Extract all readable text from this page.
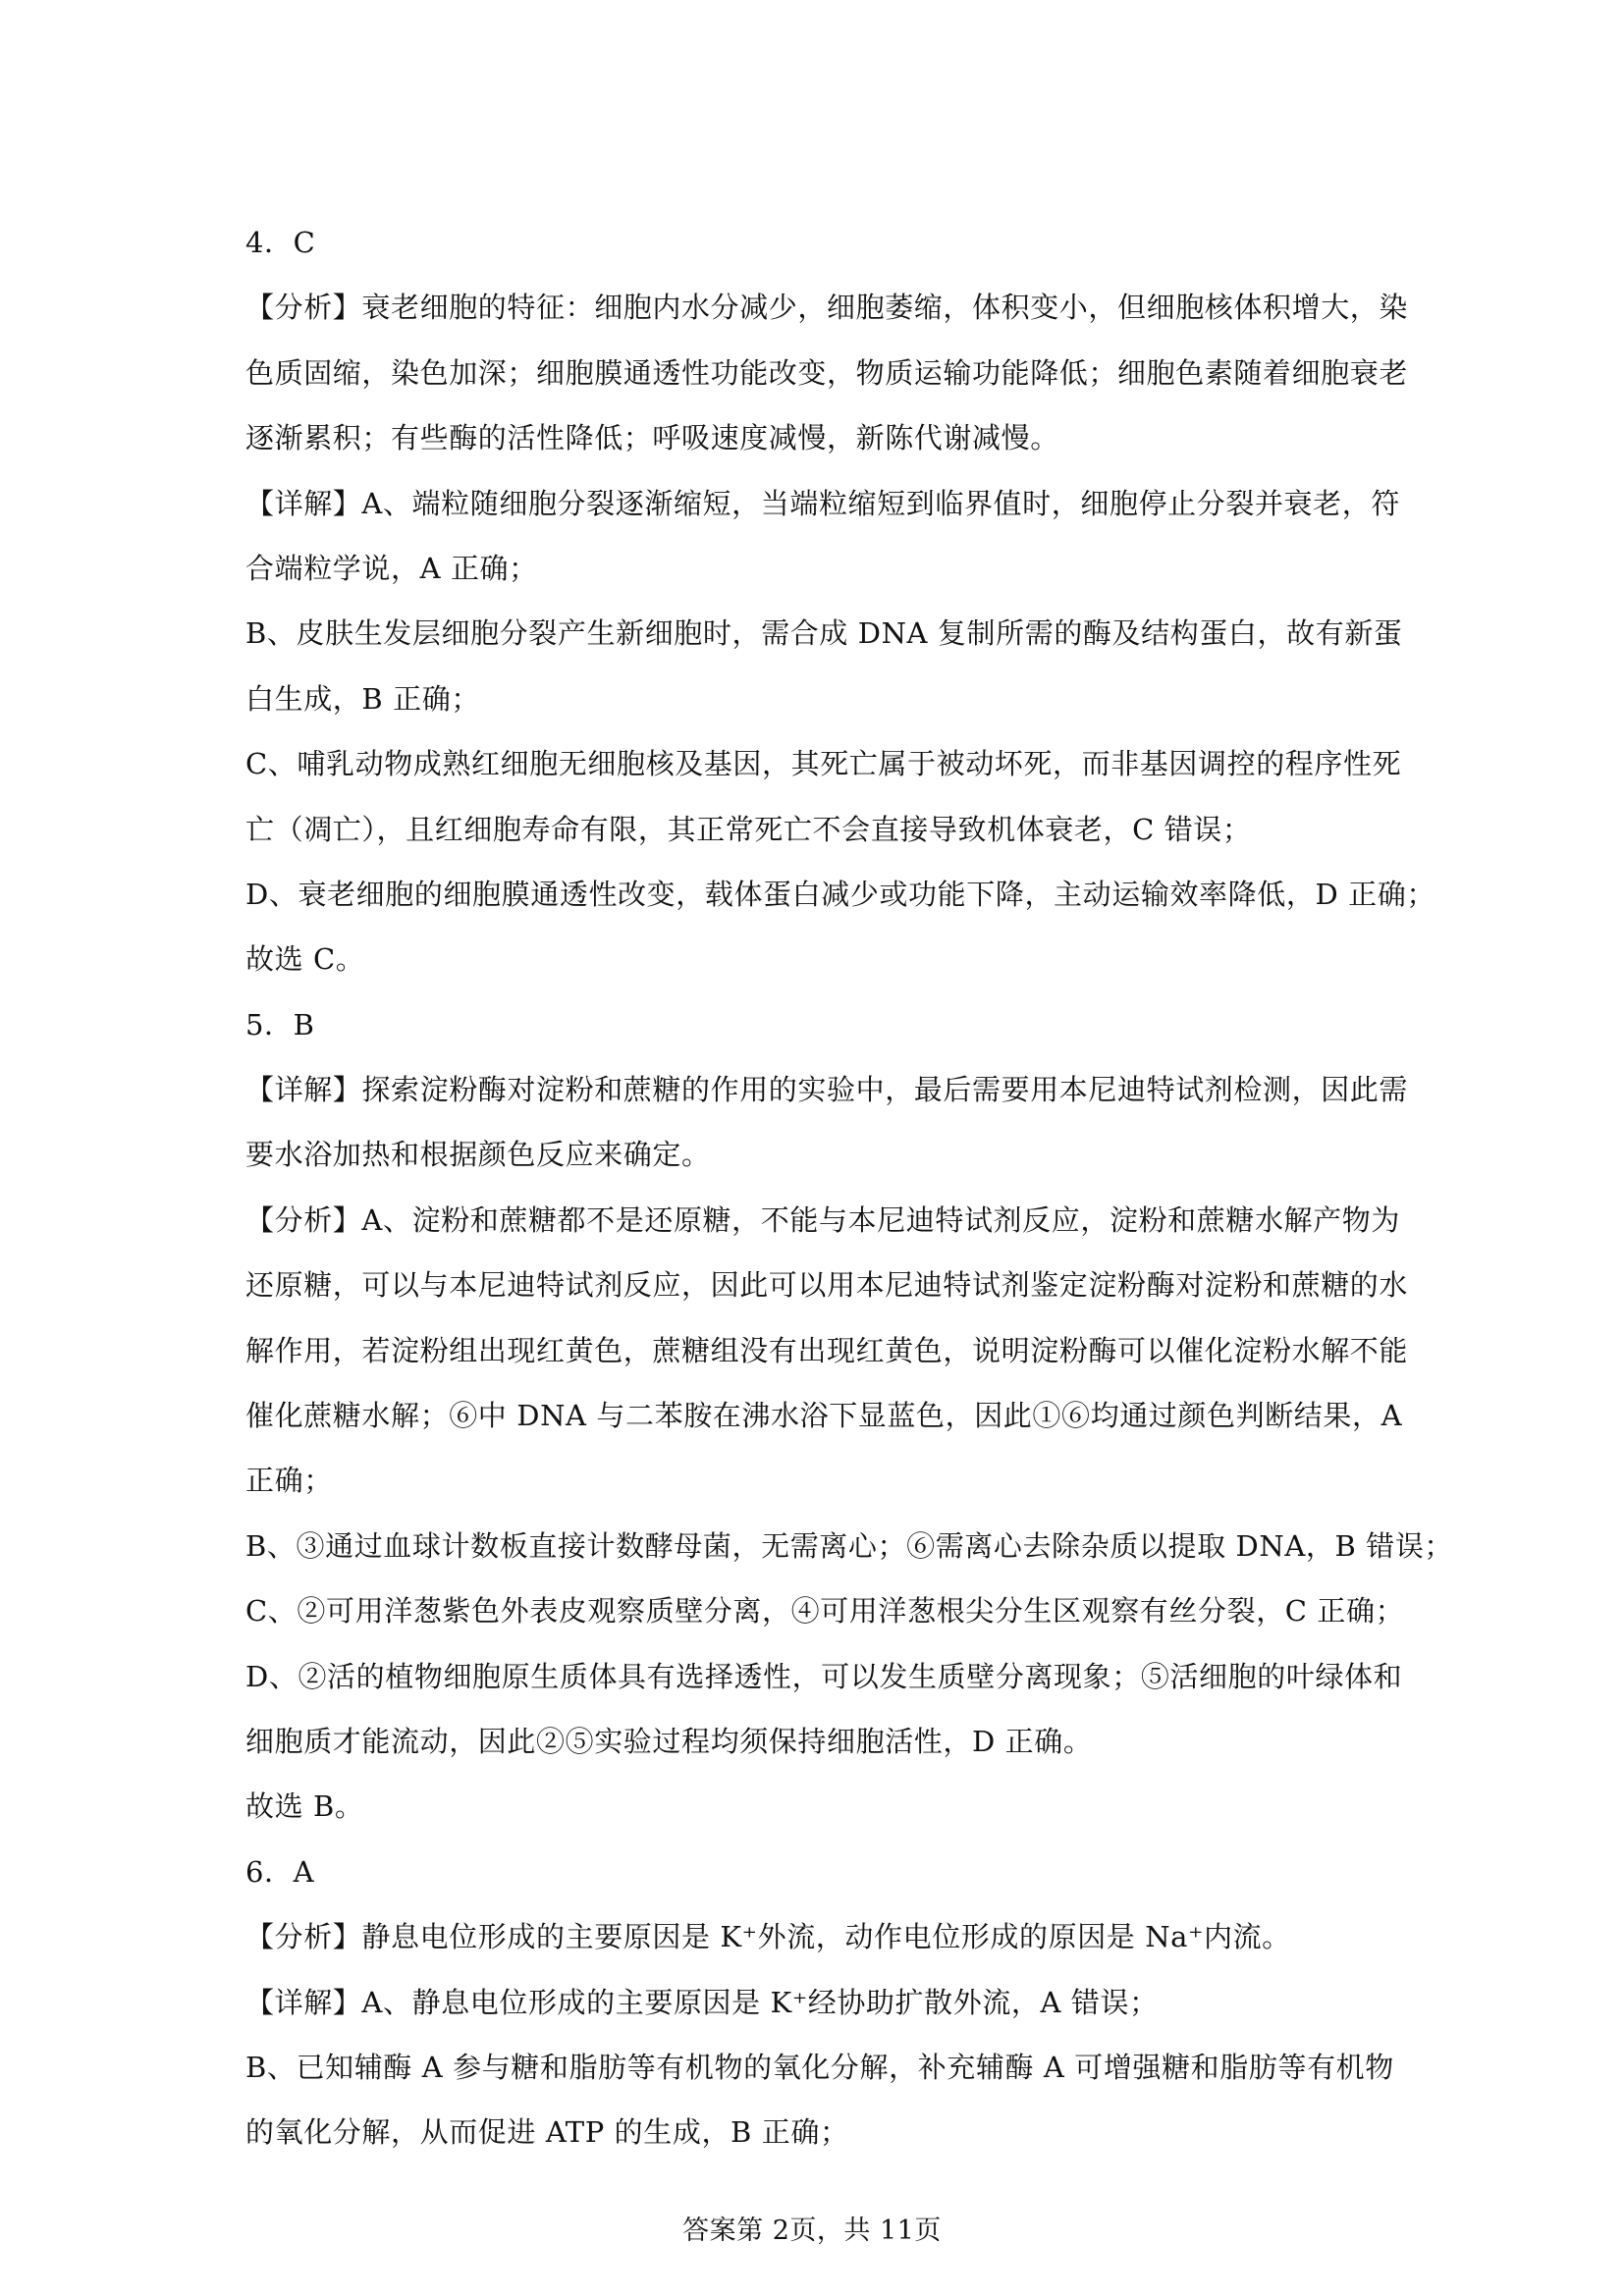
4．C
【分析】衰老细胞的特征：细胞内水分减少，细胞萎缩，体积变小，但细胞核体积增大，染
色质固缩，染色加深；细胞膜通透性功能改变，物质运输功能降低；细胞色素随着细胞衰老
逐渐累积；有些酶的活性降低；呼吸速度减慢，新陈代谢减慢。
【详解】A、端粒随细胞分裂逐渐缩短，当端粒缩短到临界值时，细胞停止分裂并衰老，符
合端粒学说，A 正确；
B、皮肤生发层细胞分裂产生新细胞时，需合成 DNA 复制所需的酶及结构蛋白，故有新蛋
白生成，B 正确；
C、哺乳动物成熟红细胞无细胞核及基因，其死亡属于被动坏死，而非基因调控的程序性死
亡（凋亡），且红细胞寿命有限，其正常死亡不会直接导致机体衰老，C 错误；
D、衰老细胞的细胞膜通透性改变，载体蛋白减少或功能下降，主动运输效率降低，D 正确；
故选 C。
5．B
【详解】探索淀粉酶对淀粉和蔗糖的作用的实验中，最后需要用本尼迪特试剂检测，因此需
要水浴加热和根据颜色反应来确定。
【分析】A、淀粉和蔗糖都不是还原糖，不能与本尼迪特试剂反应，淀粉和蔗糖水解产物为
还原糖，可以与本尼迪特试剂反应，因此可以用本尼迪特试剂鉴定淀粉酶对淀粉和蔗糖的水
解作用，若淀粉组出现红黄色，蔗糖组没有出现红黄色，说明淀粉酶可以催化淀粉水解不能
催化蔗糖水解；⑥中 DNA 与二苯胺在沸水浴下显蓝色，因此①⑥均通过颜色判断结果，A
正确；
B、③通过血球计数板直接计数酵母菌，无需离心；⑥需离心去除杂质以提取 DNA，B 错误；
C、②可用洋葱紫色外表皮观察质壁分离，④可用洋葱根尖分生区观察有丝分裂，C 正确；
D、②活的植物细胞原生质体具有选择透性，可以发生质壁分离现象；⑤活细胞的叶绿体和
细胞质才能流动，因此②⑤实验过程均须保持细胞活性，D 正确。
故选 B。
6．A
【分析】静息电位形成的主要原因是 K⁺外流，动作电位形成的原因是 Na⁺内流。
【详解】A、静息电位形成的主要原因是 K⁺经协助扩散外流，A 错误；
B、已知辅酶 A 参与糖和脂肪等有机物的氧化分解，补充辅酶 A 可增强糖和脂肪等有机物
的氧化分解，从而促进 ATP 的生成，B 正确；
答案第 2页，共 11页
